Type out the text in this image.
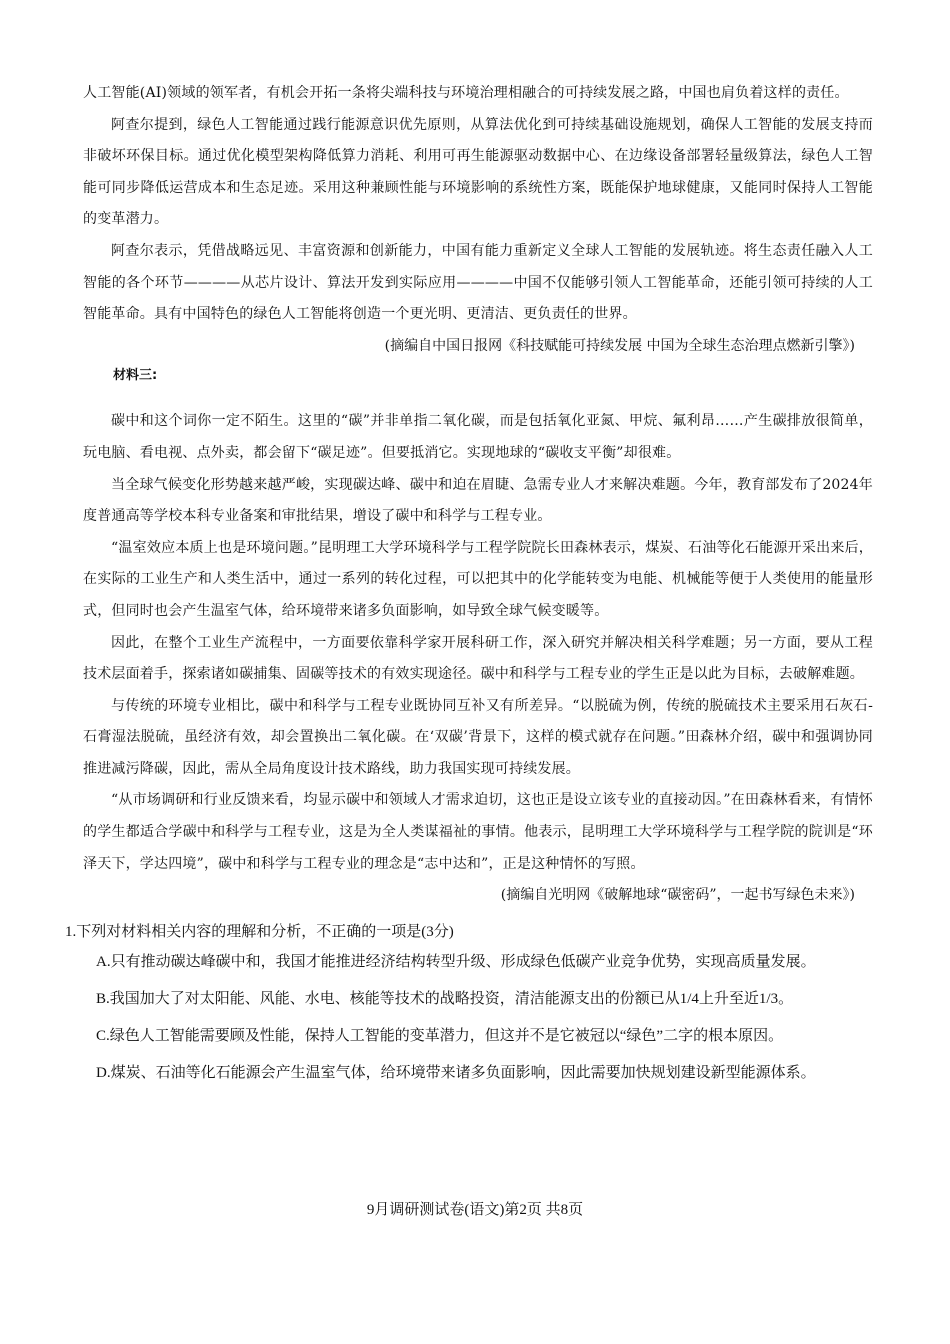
人工智能(AI)领域的领军者，有机会开拓一条将尖端科技与环境治理相融合的可持续发展之路，中国也肩负着这样的责任。

阿查尔提到，绿色人工智能通过践行能源意识优先原则，从算法优化到可持续基础设施规划，确保人工智能的发展支持而非破坏环保目标。通过优化模型架构降低算力消耗、利用可再生能源驱动数据中心、在边缘设备部署轻量级算法，绿色人工智能可同步降低运营成本和生态足迹。采用这种兼顾性能与环境影响的系统性方案，既能保护地球健康，又能同时保持人工智能的变革潜力。

阿查尔表示，凭借战略远见、丰富资源和创新能力，中国有能力重新定义全球人工智能的发展轨迹。将生态责任融入人工智能的各个环节————从芯片设计、算法开发到实际应用————中国不仅能够引领人工智能革命，还能引领可持续的人工智能革命。具有中国特色的绿色人工智能将创造一个更光明、更清洁、更负责任的世界。

(摘编自中国日报网《科技赋能可持续发展 中国为全球生态治理点燃新引擎》)

材料三:

碳中和这个词你一定不陌生。这里的“碳”并非单指二氧化碳，而是包括氧化亚氮、甲烷、氟利昂……产生碳排放很简单，玩电脑、看电视、点外卖，都会留下“碳足迹”。但要抵消它。实现地球的“碳收支平衡”却很难。

当全球气候变化形势越来越严峻，实现碳达峰、碳中和迫在眉睫、急需专业人才来解决难题。今年，教育部发布了2024年度普通高等学校本科专业备案和审批结果，增设了碳中和科学与工程专业。

“温室效应本质上也是环境问题。”昆明理工大学环境科学与工程学院院长田森林表示，煤炭、石油等化石能源开采出来后，在实际的工业生产和人类生活中，通过一系列的转化过程，可以把其中的化学能转变为电能、机械能等便于人类使用的能量形式，但同时也会产生温室气体，给环境带来诸多负面影响，如导致全球气候变暖等。

因此，在整个工业生产流程中，一方面要依靠科学家开展科研工作，深入研究并解决相关科学难题；另一方面，要从工程技术层面着手，探索诸如碳捕集、固碳等技术的有效实现途径。碳中和科学与工程专业的学生正是以此为目标，去破解难题。

与传统的环境专业相比，碳中和科学与工程专业既协同互补又有所差异。“以脱硫为例，传统的脱硫技术主要采用石灰石-石膏湿法脱硫，虽经济有效，却会置换出二氧化碳。在‘双碳’背景下，这样的模式就存在问题。”田森林介绍，碳中和强调协同推进减污降碳，因此，需从全局角度设计技术路线，助力我国实现可持续发展。

“从市场调研和行业反馈来看，均显示碳中和领域人才需求迫切，这也正是设立该专业的直接动因。”在田森林看来，有情怀的学生都适合学碳中和科学与工程专业，这是为全人类谋福祉的事情。他表示，昆明理工大学环境科学与工程学院的院训是“环泽天下，学达四境”，碳中和科学与工程专业的理念是“志中达和”，正是这种情怀的写照。

(摘编自光明网《破解地球“碳密码”，一起书写绿色未来》)

1.下列对材料相关内容的理解和分析，不正确的一项是(3分)
A.只有推动碳达峰碳中和，我国才能推进经济结构转型升级、形成绿色低碳产业竞争优势，实现高质量发展。
B.我国加大了对太阳能、风能、水电、核能等技术的战略投资，清洁能源支出的份额已从1/4上升至近1/3。
C.绿色人工智能需要顾及性能，保持人工智能的变革潜力，但这并不是它被冠以“绿色”二字的根本原因。
D.煤炭、石油等化石能源会产生温室气体，给环境带来诸多负面影响，因此需要加快规划建设新型能源体系。
9月调研测试卷(语文)第2页 共8页
